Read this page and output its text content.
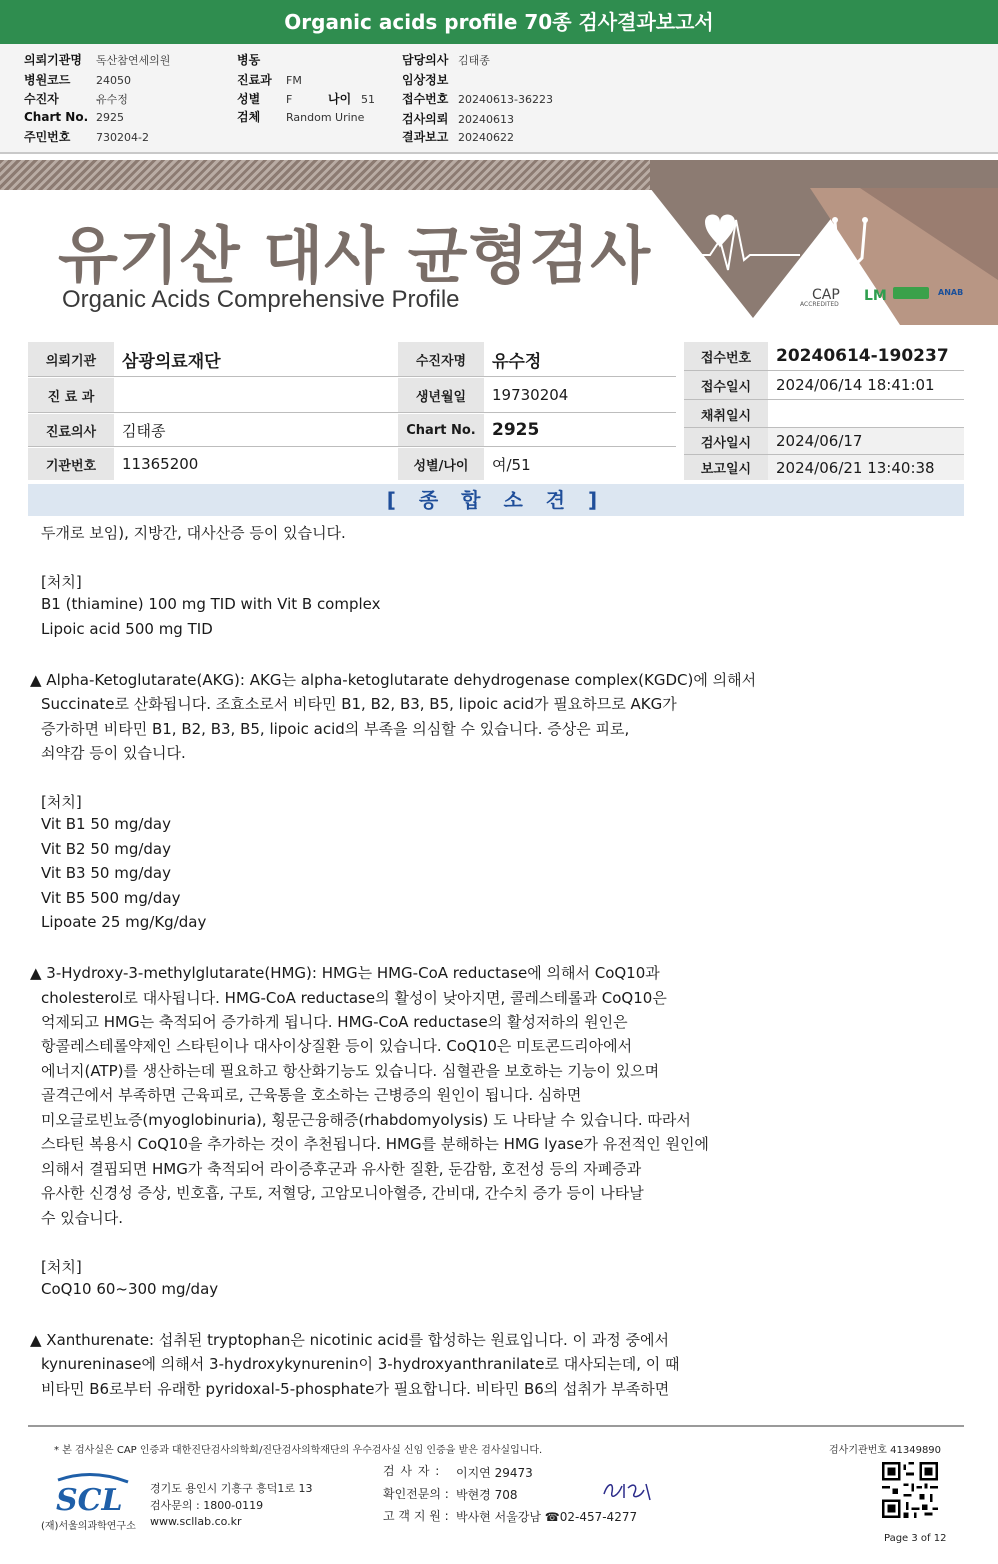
Organic acids profile 70종 검사결과보고서
의뢰기관명 독산참연세의원
병원코드 24050
수진자	유수정
Chart No. 2925
주민번호 730204-2
병동
진료과 FM
성별 F	나이 51
검체 Random Urine
담당의사 김태종
임상정보
접수번호 20240613-36223
검사의뢰 20240613
결과보고 20240622
유기산 대사 균형검사
Organic Acids Comprehensive Profile	CAP
ACCREDITED
LM	ANAB
의뢰기관	삼광의료재단	수진자명	유수정
진 료 과	생년월일	19730204
진료의사	김태종	Chart No. 2925
기관번호	11365200	성별/나이	여/51
접수번호	20240614-190237
접수일시	2024/06/14 18:41:01
채취일시
검사일시	2024/06/17
보고일시	2024/06/21 13:40:38
[ 종 합 소 견 ]
두개로 보임), 지방간, 대사산증 등이 있습니다.
[처치]
B1 (thiamine) 100 mg TID with Vit B complex
Lipoic acid 500 mg TID
▲ Alpha-Ketoglutarate(AKG): AKG는 alpha-ketoglutarate dehydrogenase complex(KGDC)에 의해서
Succinate로 산화됩니다. 조효소로서 비타민 B1, B2, B3, B5, lipoic acid가 필요하므로 AKG가
증가하면 비타민 B1, B2, B3, B5, lipoic acid의 부족을 의심할 수 있습니다. 증상은 피로,
쇠약감 등이 있습니다.
[처치]
Vit B1 50 mg/day
Vit B2 50 mg/day
Vit B3 50 mg/day
Vit B5 500 mg/day
Lipoate 25 mg/Kg/day
▲ 3-Hydroxy-3-methylglutarate(HMG): HMG는 HMG-CoA reductase에 의해서 CoQ10과
cholesterol로 대사됩니다. HMG-CoA reductase의 활성이 낮아지면, 콜레스테롤과 CoQ10은
억제되고 HMG는 축적되어 증가하게 됩니다. HMG-CoA reductase의 활성저하의 원인은
항콜레스테롤약제인 스타틴이나 대사이상질환 등이 있습니다. CoQ10은 미토콘드리아에서
에너지(ATP)를 생산하는데 필요하고 항산화기능도 있습니다. 심혈관을 보호하는 기능이 있으며
골격근에서 부족하면 근육피로, 근육통을 호소하는 근병증의 원인이 됩니다. 심하면
미오글로빈뇨증(myoglobinuria), 횡문근융해증(rhabdomyolysis) 도 나타날 수 있습니다. 따라서
스타틴 복용시 CoQ10을 추가하는 것이 추천됩니다. HMG를 분해하는 HMG lyase가 유전적인 원인에
의해서 결핍되면 HMG가 축적되어 라이증후군과 유사한 질환, 둔감함, 호전성 등의 자폐증과
유사한 신경성 증상, 빈호흡, 구토, 저혈당, 고암모니아혈증, 간비대, 간수치 증가 등이 나타날
수 있습니다.
[처치]
CoQ10 60~300 mg/day
▲ Xanthurenate: 섭취된 tryptophan은 nicotinic acid를 합성하는 원료입니다. 이 과정 중에서
kynureninase에 의해서 3-hydroxykynurenin이 3-hydroxyanthranilate로 대사되는데, 이 때
비타민 B6로부터 유래한 pyridoxal-5-phosphate가 필요합니다. 비타민 B6의 섭취가 부족하면
* 본 검사실은 CAP 인증과 대한진단검사의학회/진단검사의학재단의 우수검사실 신임 인증을 받은 검사실입니다.	검사기관번호 41349890
SCL
(재)서울의과학연구소
경기도 용인시 기흥구 흥덕1로 13
검사문의 : 1800-0119
www.scllab.co.kr
검 사 자 : 이지연 29473
확인전문의 : 박현경 708
고 객 지 원 : 박사현 서울강남 ☎02-457-4277
Page 3 of 12
